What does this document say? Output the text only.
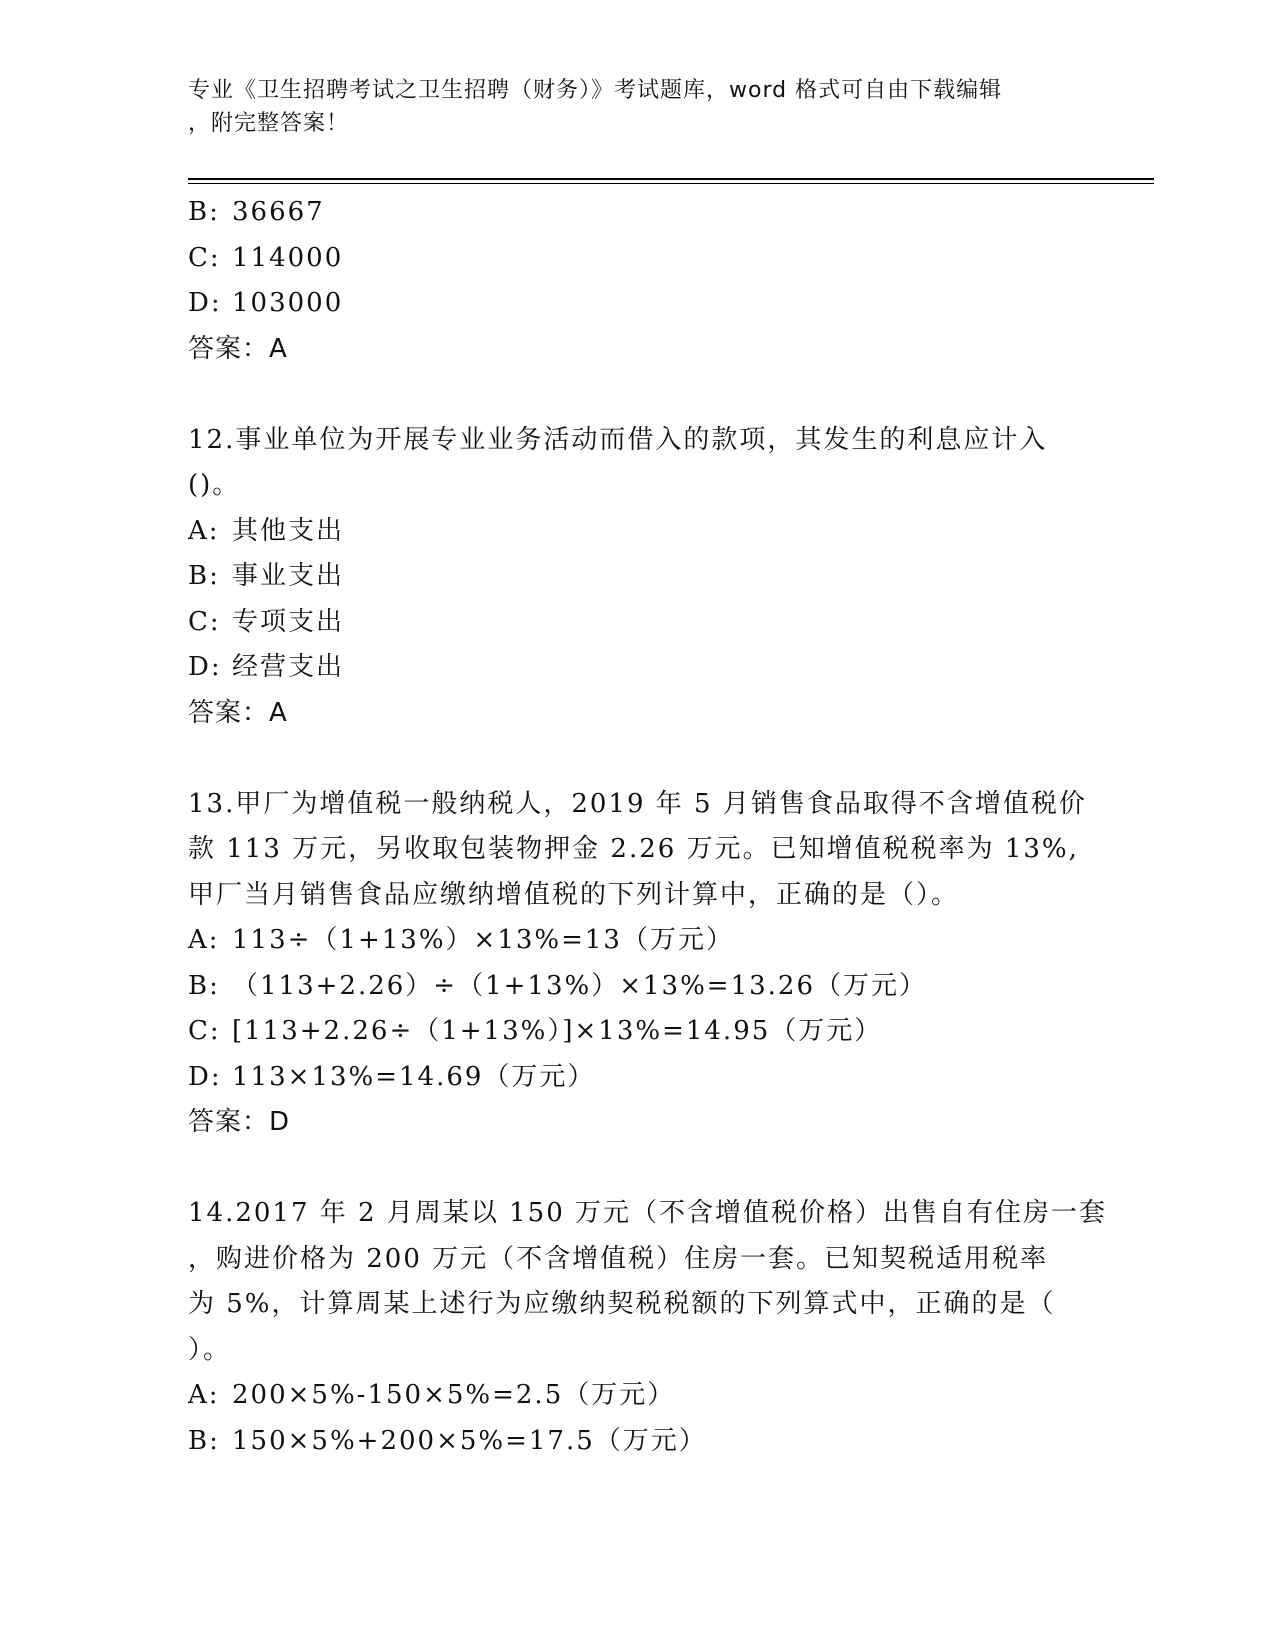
专业《卫生招聘考试之卫生招聘（财务）》考试题库，word 格式可自由下载编辑
，附完整答案！
B: 36667
C: 114000
D: 103000
答案：A
12.事业单位为开展专业业务活动而借入的款项，其发生的利息应计入
()。
A: 其他支出
B: 事业支出
C: 专项支出
D: 经营支出
答案：A
13.甲厂为增值税一般纳税人，2019 年 5 月销售食品取得不含增值税价
款 113 万元，另收取包装物押金 2.26 万元。已知增值税税率为 13%,
甲厂当月销售食品应缴纳增值税的下列计算中，正确的是（）。
A: 113÷（1+13%）×13%=13（万元）
B: （113+2.26）÷（1+13%）×13%=13.26（万元）
C: [113+2.26÷（1+13%）]×13%=14.95（万元）
D: 113×13%=14.69（万元）
答案：D
14.2017 年 2 月周某以 150 万元（不含增值税价格）出售自有住房一套
，购进价格为 200 万元（不含增值税）住房一套。已知契税适用税率
为 5%，计算周某上述行为应缴纳契税税额的下列算式中，正确的是（
）。
A: 200×5%-150×5%=2.5（万元）
B: 150×5%+200×5%=17.5（万元）
